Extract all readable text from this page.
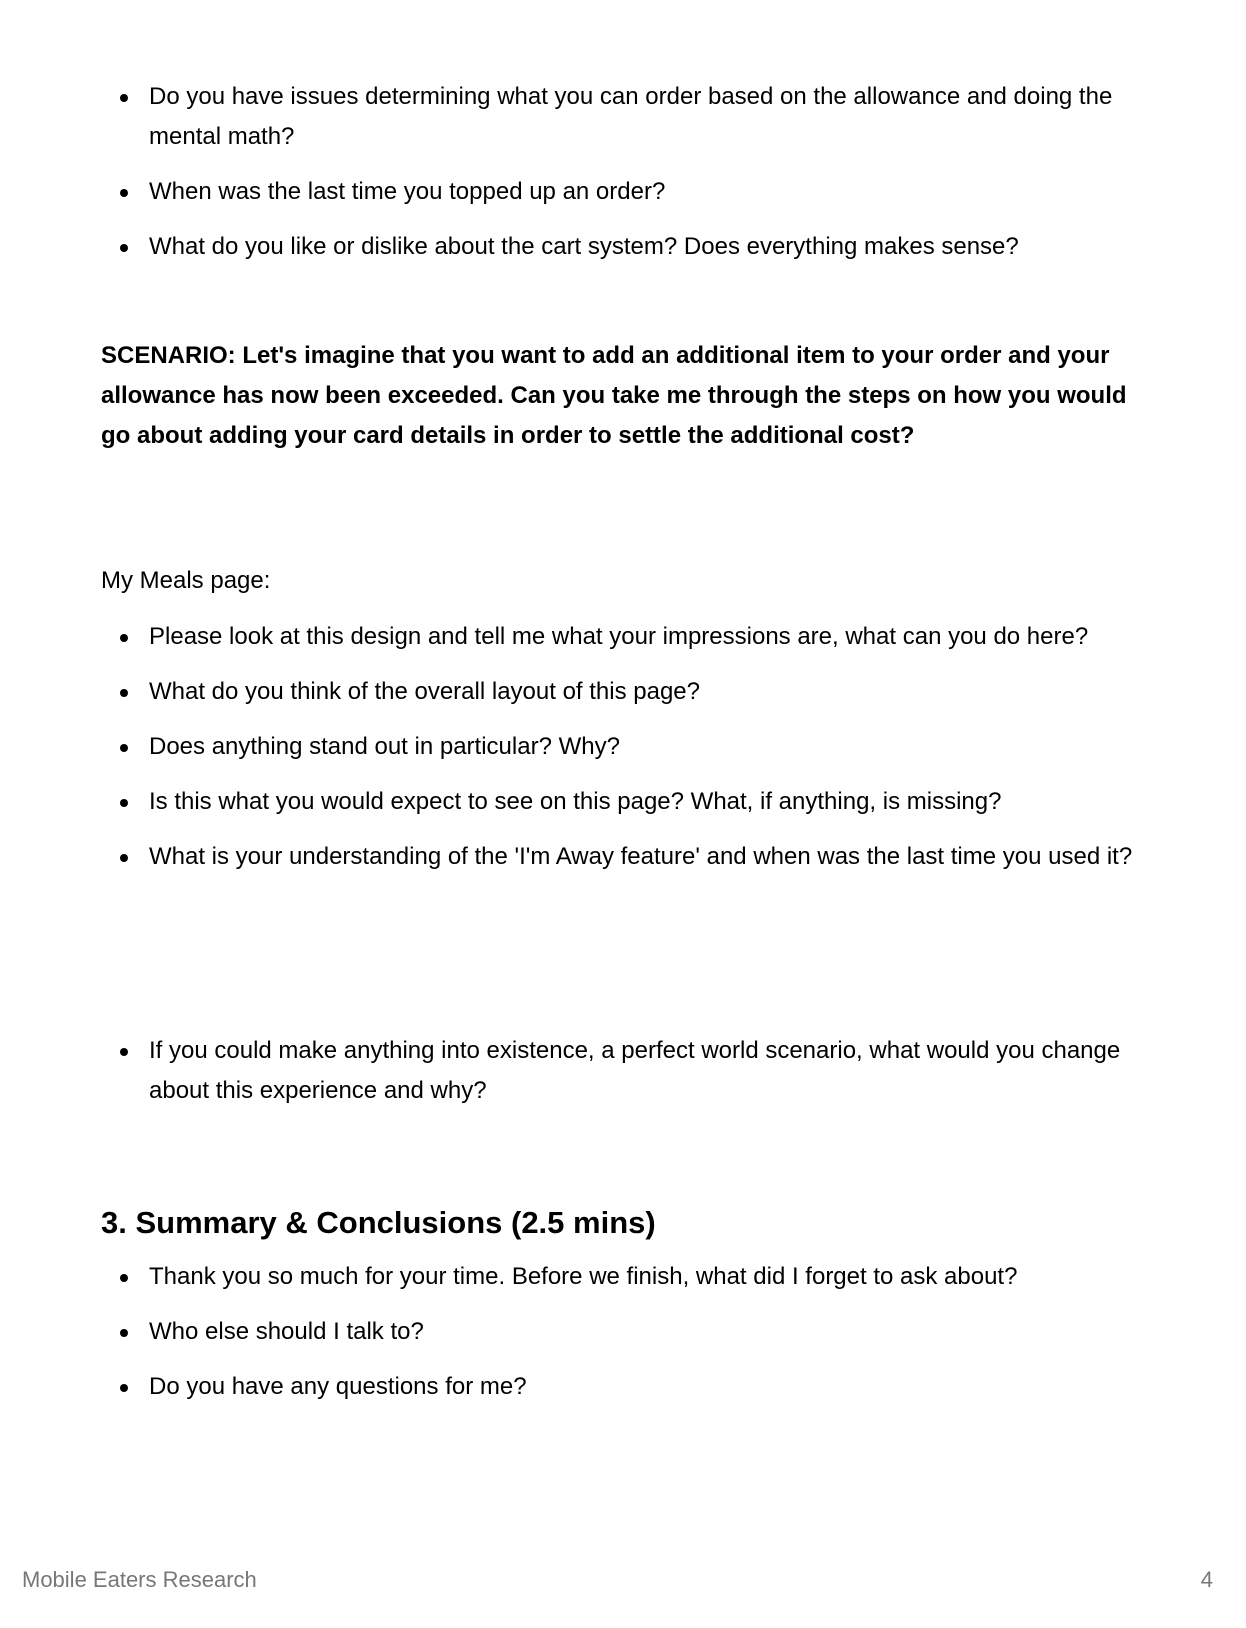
Do you have issues determining what you can order based on the allowance and doing the mental math?
When was the last time you topped up an order?
What do you like or dislike about the cart system? Does everything makes sense?

SCENARIO: Let's imagine that you want to add an additional item to your order and your allowance has now been exceeded. Can you take me through the steps on how you would go about adding your card details in order to settle the additional cost?

My Meals page:

Please look at this design and tell me what your impressions are, what can you do here?
What do you think of the overall layout of this page?
Does anything stand out in particular? Why?
Is this what you would expect to see on this page? What, if anything, is missing?
What is your understanding of the 'I'm Away feature' and when was the last time you used it?
If you could make anything into existence, a perfect world scenario, what would you change about this experience and why?
3. Summary & Conclusions (2.5 mins)
Thank you so much for your time. Before we finish, what did I forget to ask about?
Who else should I talk to?
Do you have any questions for me?
Mobile Eaters Research	4
